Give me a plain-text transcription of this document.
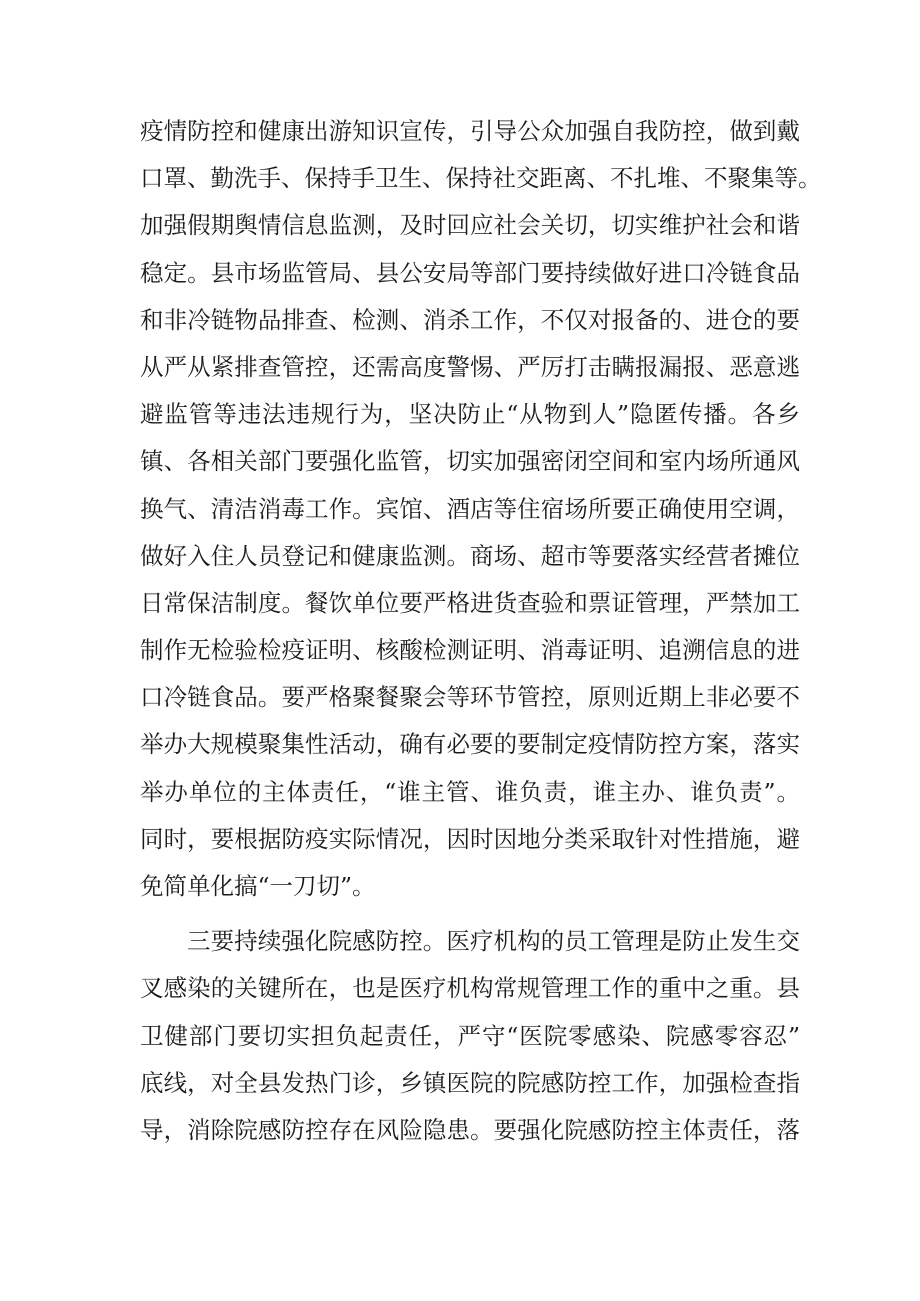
疫情防控和健康出游知识宣传，引导公众加强自我防控，做到戴
口罩、勤洗手、保持手卫生、保持社交距离、不扎堆、不聚集等。
加强假期舆情信息监测，及时回应社会关切，切实维护社会和谐
稳定。县市场监管局、县公安局等部门要持续做好进口冷链食品
和非冷链物品排查、检测、消杀工作，不仅对报备的、进仓的要
从严从紧排查管控，还需高度警惕、严厉打击瞒报漏报、恶意逃
避监管等违法违规行为，坚决防止“从物到人”隐匿传播。各乡
镇、各相关部门要强化监管，切实加强密闭空间和室内场所通风
换气、清洁消毒工作。宾馆、酒店等住宿场所要正确使用空调，
做好入住人员登记和健康监测。商场、超市等要落实经营者摊位
日常保洁制度。餐饮单位要严格进货查验和票证管理，严禁加工
制作无检验检疫证明、核酸检测证明、消毒证明、追溯信息的进
口冷链食品。要严格聚餐聚会等环节管控，原则近期上非必要不
举办大规模聚集性活动，确有必要的要制定疫情防控方案，落实
举办单位的主体责任，“谁主管、谁负责，谁主办、谁负责”。
同时，要根据防疫实际情况，因时因地分类采取针对性措施，避
免简单化搞“一刀切”。
三要持续强化院感防控。医疗机构的员工管理是防止发生交
叉感染的关键所在，也是医疗机构常规管理工作的重中之重。县
卫健部门要切实担负起责任，严守“医院零感染、院感零容忍”
底线，对全县发热门诊，乡镇医院的院感防控工作，加强检查指
导，消除院感防控存在风险隐患。要强化院感防控主体责任，落
